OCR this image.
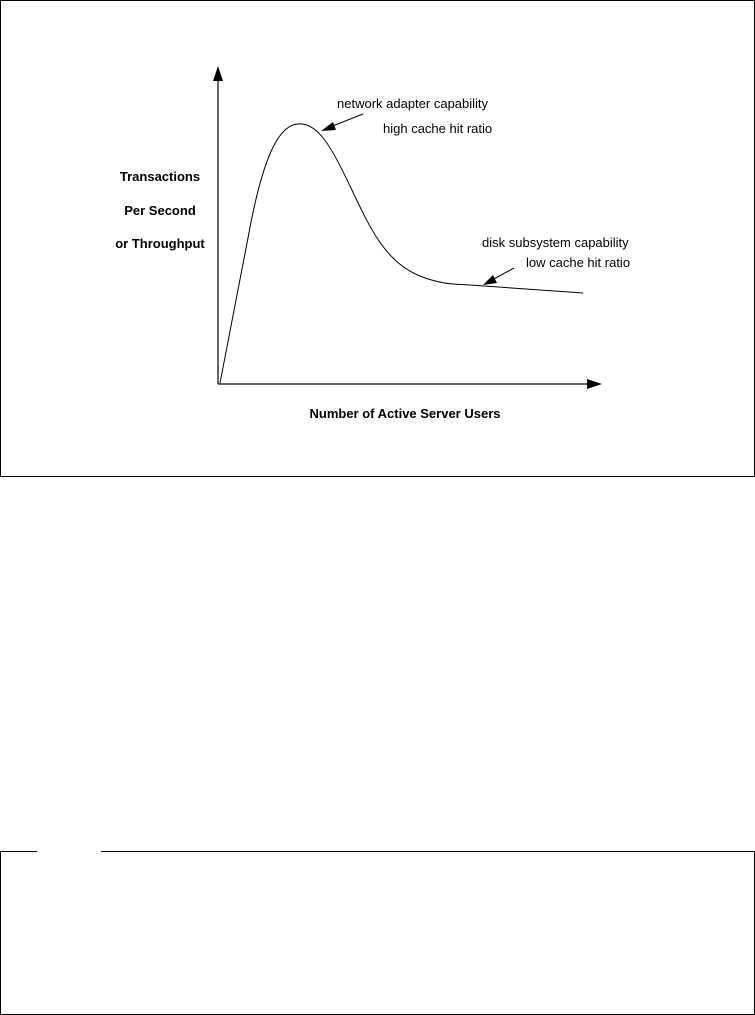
Transactions
Per Second
or Throughput
Number of Active Server Users
network adapter capability
high cache hit ratio
disk subsystem capability
low cache hit ratio
